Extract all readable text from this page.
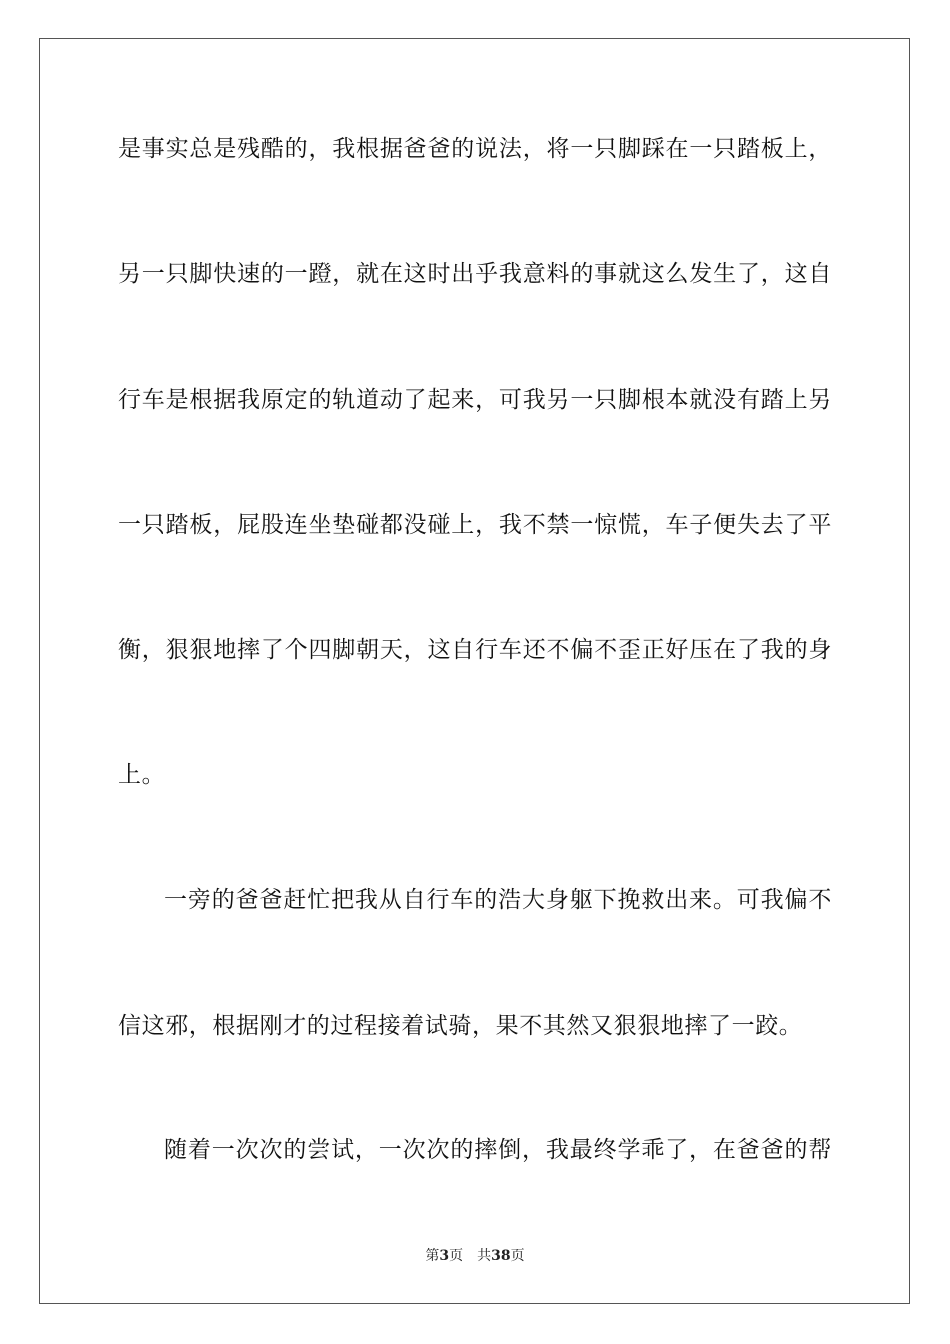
是事实总是残酷的，我根据爸爸的说法，将一只脚踩在一只踏板上，
另一只脚快速的一蹬，就在这时出乎我意料的事就这么发生了，这自
行车是根据我原定的轨道动了起来，可我另一只脚根本就没有踏上另
一只踏板，屁股连坐垫碰都没碰上，我不禁一惊慌，车子便失去了平
衡，狠狠地摔了个四脚朝天，这自行车还不偏不歪正好压在了我的身
上。
一旁的爸爸赶忙把我从自行车的浩大身躯下挽救出来。可我偏不
信这邪，根据刚才的过程接着试骑，果不其然又狠狠地摔了一跤。
随着一次次的尝试，一次次的摔倒，我最终学乖了，在爸爸的帮
第3页 共38页
